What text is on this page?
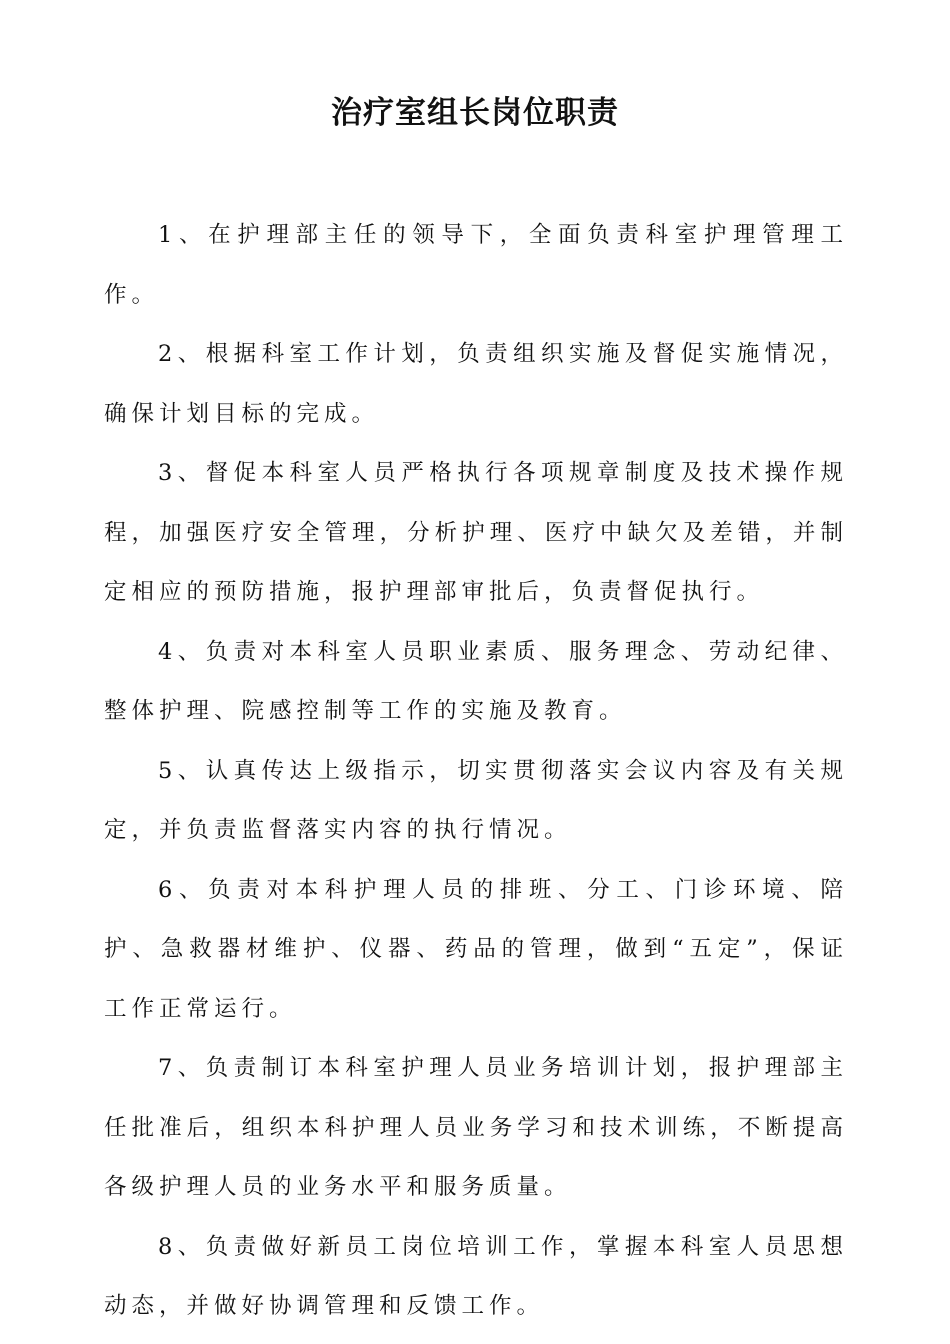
治疗室组长岗位职责

1、在护理部主任的领导下，全面负责科室护理管理工作。

2、根据科室工作计划，负责组织实施及督促实施情况，确保计划目标的完成。

3、督促本科室人员严格执行各项规章制度及技术操作规程，加强医疗安全管理，分析护理、医疗中缺欠及差错，并制定相应的预防措施，报护理部审批后，负责督促执行。

4、负责对本科室人员职业素质、服务理念、劳动纪律、整体护理、院感控制等工作的实施及教育。

5、认真传达上级指示，切实贯彻落实会议内容及有关规定，并负责监督落实内容的执行情况。

6、负责对本科护理人员的排班、分工、门诊环境、陪护、急救器材维护、仪器、药品的管理，做到“五定”，保证工作正常运行。

7、负责制订本科室护理人员业务培训计划，报护理部主任批准后，组织本科护理人员业务学习和技术训练，不断提高各级护理人员的业务水平和服务质量。

8、负责做好新员工岗位培训工作，掌握本科室人员思想动态，并做好协调管理和反馈工作。
